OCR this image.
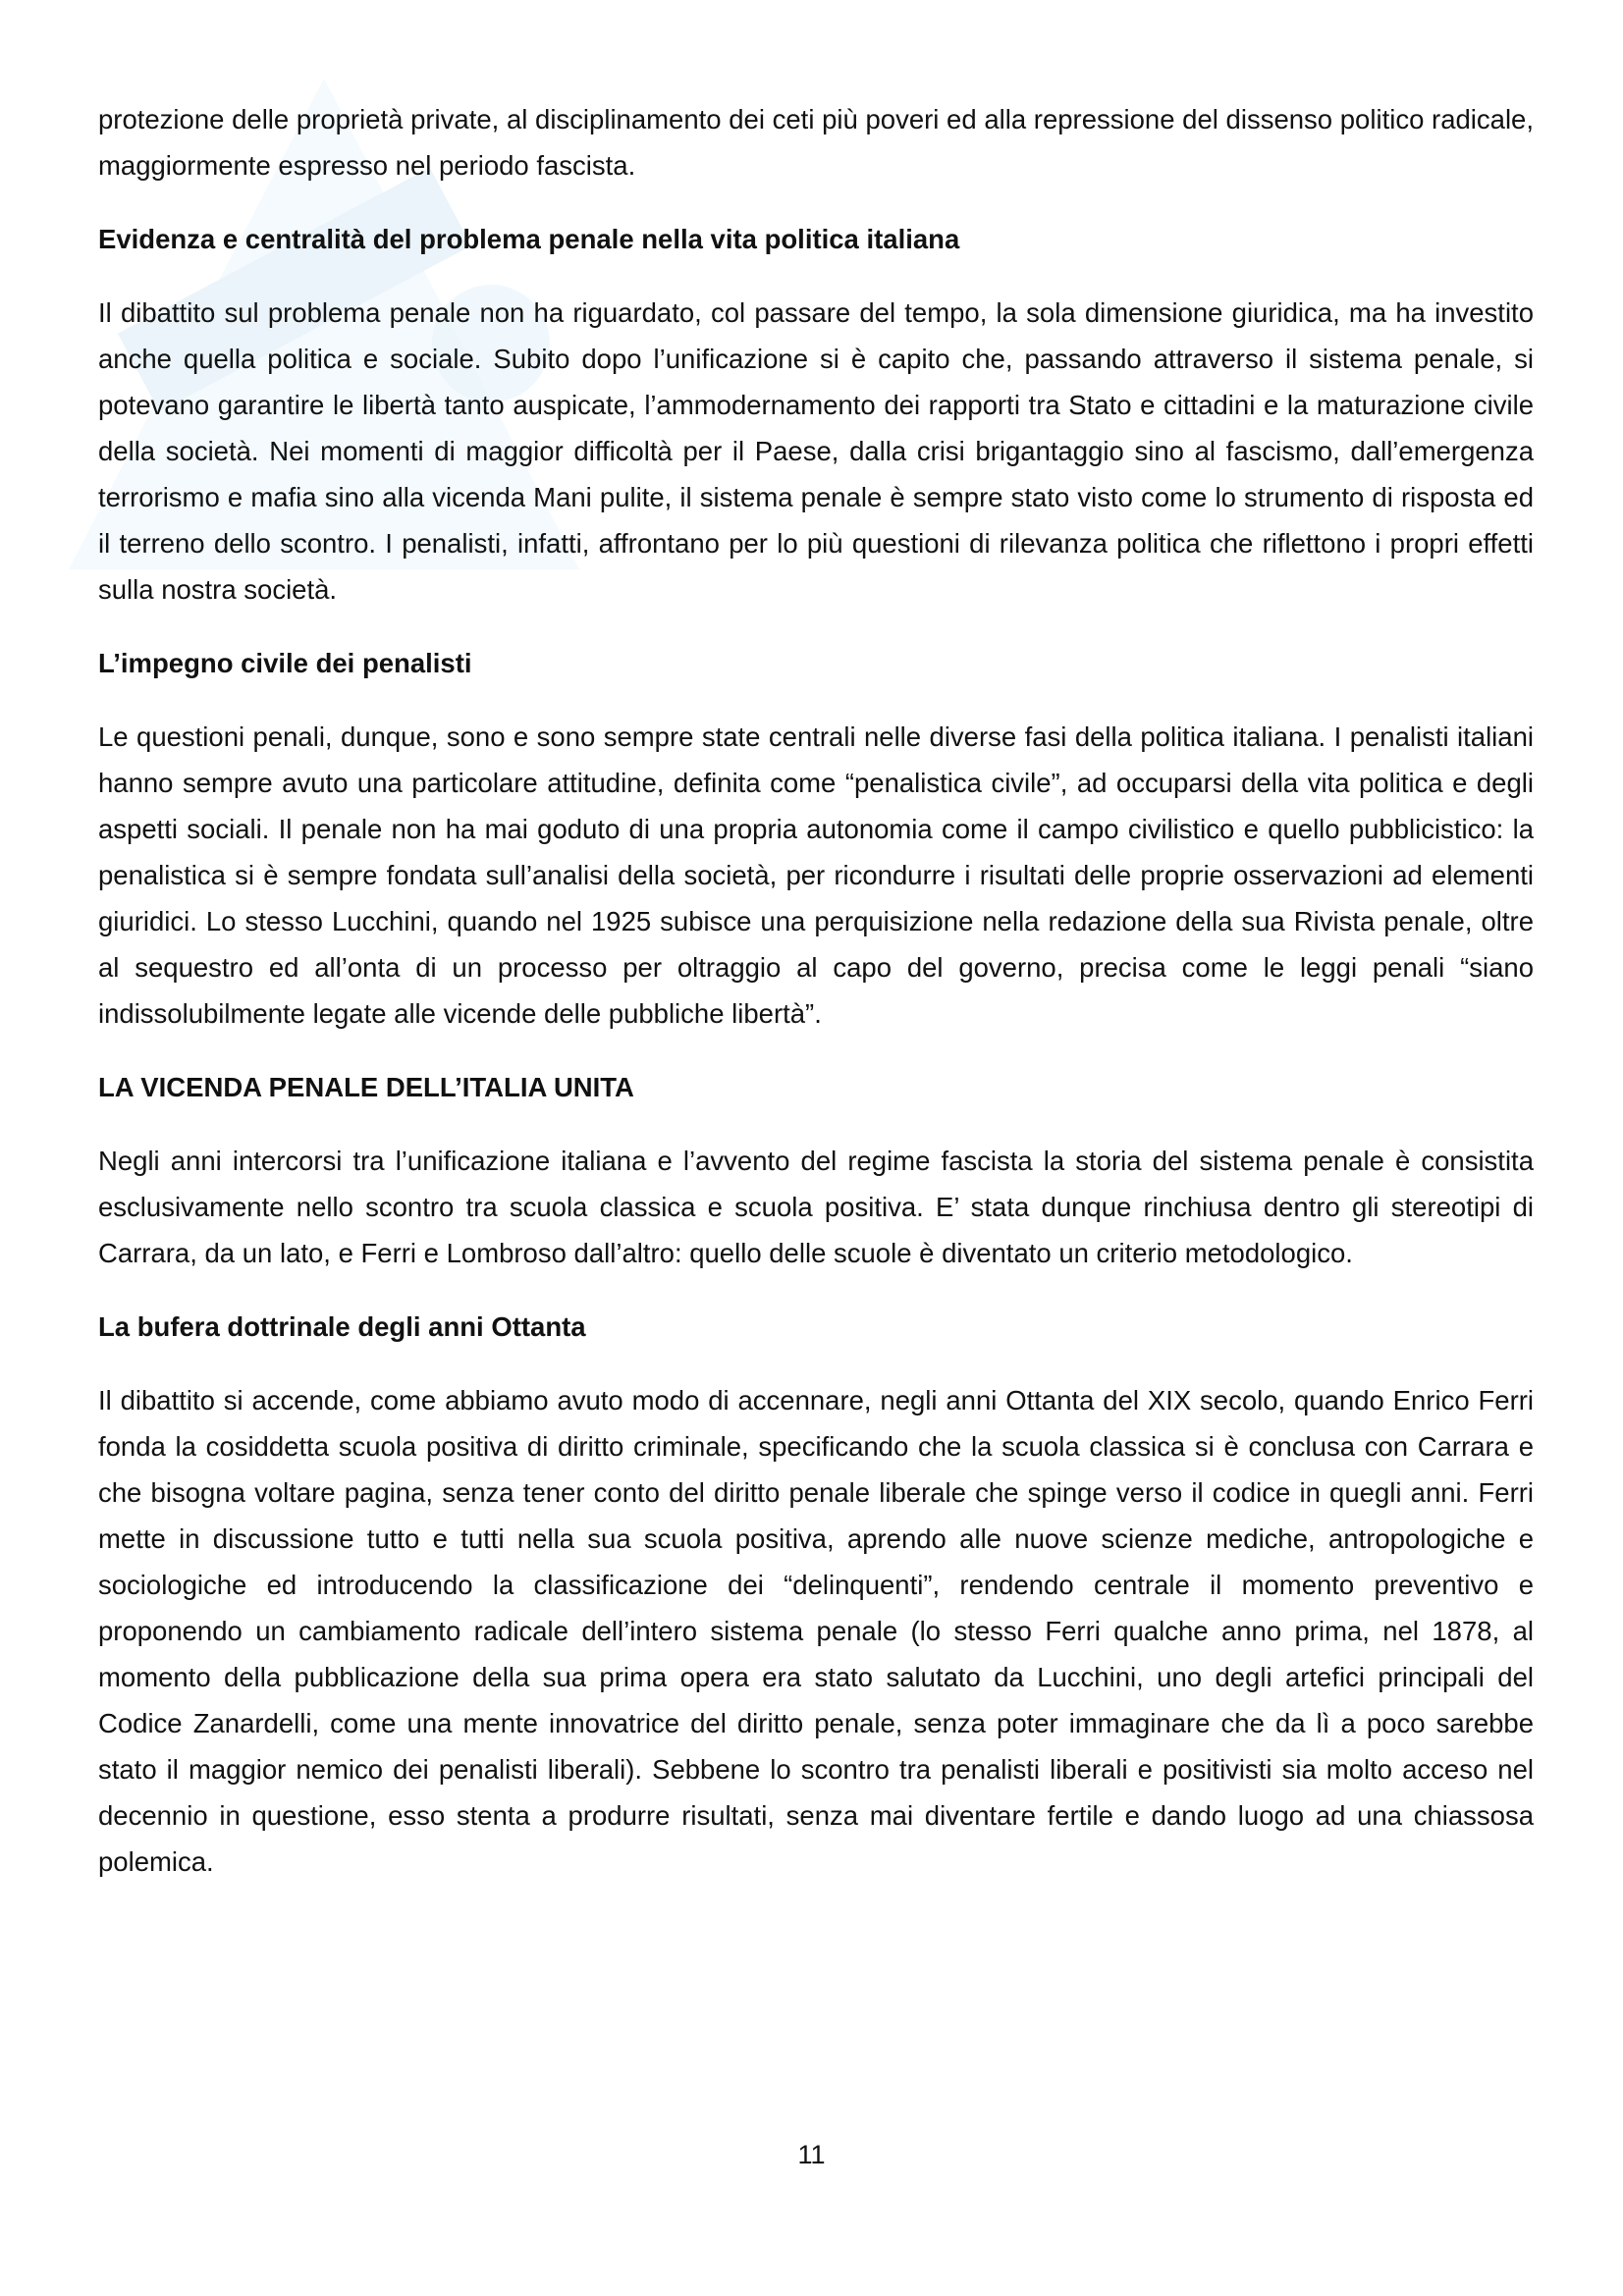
protezione delle proprietà private, al disciplinamento dei ceti più poveri ed alla repressione del dissenso politico radicale, maggiormente espresso nel periodo fascista.

Evidenza e centralità del problema penale nella vita politica italiana

Il dibattito sul problema penale non ha riguardato, col passare del tempo, la sola dimensione giuridica, ma ha investito anche quella politica e sociale. Subito dopo l’unificazione si è capito che, passando attraverso il sistema penale, si potevano garantire le libertà tanto auspicate, l’ammodernamento dei rapporti tra Stato e cittadini e la maturazione civile della società. Nei momenti di maggior difficoltà per il Paese, dalla crisi brigantaggio sino al fascismo, dall’emergenza terrorismo e mafia sino alla vicenda Mani pulite, il sistema penale è sempre stato visto come lo strumento di risposta ed il terreno dello scontro. I penalisti, infatti, affrontano per lo più questioni di rilevanza politica che riflettono i propri effetti sulla nostra società.

L’impegno civile dei penalisti

Le questioni penali, dunque, sono e sono sempre state centrali nelle diverse fasi della politica italiana. I penalisti italiani hanno sempre avuto una particolare attitudine, definita come “penalistica civile”, ad occuparsi della vita politica e degli aspetti sociali. Il penale non ha mai goduto di una propria autonomia come il campo civilistico e quello pubblicistico: la penalistica si è sempre fondata sull’analisi della società, per ricondurre i risultati delle proprie osservazioni ad elementi giuridici. Lo stesso Lucchini, quando nel 1925 subisce una perquisizione nella redazione della sua Rivista penale, oltre al sequestro ed all’onta di un processo per oltraggio al capo del governo, precisa come le leggi penali “siano indissolubilmente legate alle vicende delle pubbliche libertà”.

LA VICENDA PENALE DELL’ITALIA UNITA

Negli anni intercorsi tra l’unificazione italiana e l’avvento del regime fascista la storia del sistema penale è consistita esclusivamente nello scontro tra scuola classica e scuola positiva. E’ stata dunque rinchiusa dentro gli stereotipi di Carrara, da un lato, e Ferri e Lombroso dall’altro: quello delle scuole è diventato un criterio metodologico.

La bufera dottrinale degli anni Ottanta

Il dibattito si accende, come abbiamo avuto modo di accennare, negli anni Ottanta del XIX secolo, quando Enrico Ferri fonda la cosiddetta scuola positiva di diritto criminale, specificando che la scuola classica si è conclusa con Carrara e che bisogna voltare pagina, senza tener conto del diritto penale liberale che spinge verso il codice in quegli anni. Ferri mette in discussione tutto e tutti nella sua scuola positiva, aprendo alle nuove scienze mediche, antropologiche e sociologiche ed introducendo la classificazione dei “delinquenti”, rendendo centrale il momento preventivo e proponendo un cambiamento radicale dell’intero sistema penale (lo stesso Ferri qualche anno prima, nel 1878, al momento della pubblicazione della sua prima opera era stato salutato da Lucchini, uno degli artefici principali del Codice Zanardelli, come una mente innovatrice del diritto penale, senza poter immaginare che da lì a poco sarebbe stato il maggior nemico dei penalisti liberali). Sebbene lo scontro tra penalisti liberali e positivisti sia molto acceso nel decennio in questione, esso stenta a produrre risultati, senza mai diventare fertile e dando luogo ad una chiassosa polemica.

11
